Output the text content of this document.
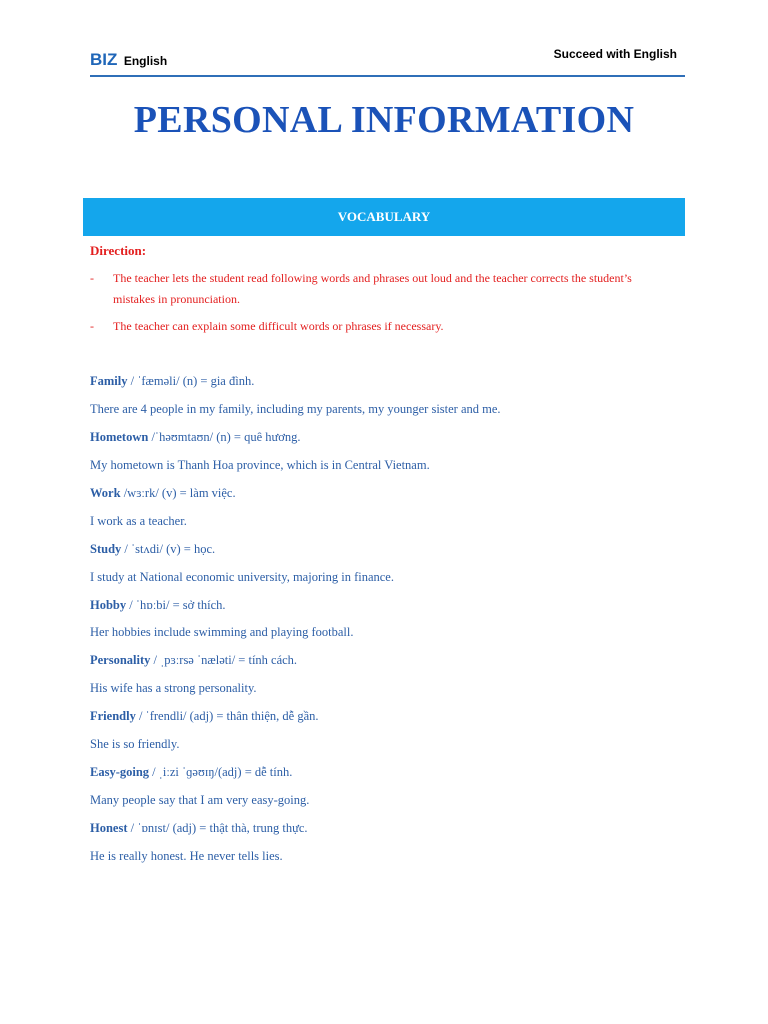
BIZ English	Succeed with English
PERSONAL INFORMATION
VOCABULARY
Direction:
- The teacher lets the student read following words and phrases out loud and the teacher corrects the student’s mistakes in pronunciation.
- The teacher can explain some difficult words or phrases if necessary.
Family / ˈfæməli/ (n) = gia đình.
There are 4 people in my family, including my parents, my younger sister and me.
Hometown /ˈhəʊmtaʊn/ (n) = quê hương.
My hometown is Thanh Hoa province, which is in Central Vietnam.
Work /wɜːrk/ (v) = làm việc.
I work as a teacher.
Study / ˈstʌdi/ (v) = học.
I study at National economic university, majoring in finance.
Hobby / ˈhɒːbi/ = sở thích.
Her hobbies include swimming and playing football.
Personality / ˌpɜːrsə ˈnæləti/ = tính cách.
His wife has a strong personality.
Friendly / ˈfrendli/ (adj) = thân thiện, dễ gần.
She is so friendly.
Easy-going / ˌiːzi ˈɡəʊɪŋ/(adj) = dễ tính.
Many people say that I am very easy-going.
Honest / ˈɒnɪst/ (adj) = thật thà, trung thực.
He is really honest. He never tells lies.
